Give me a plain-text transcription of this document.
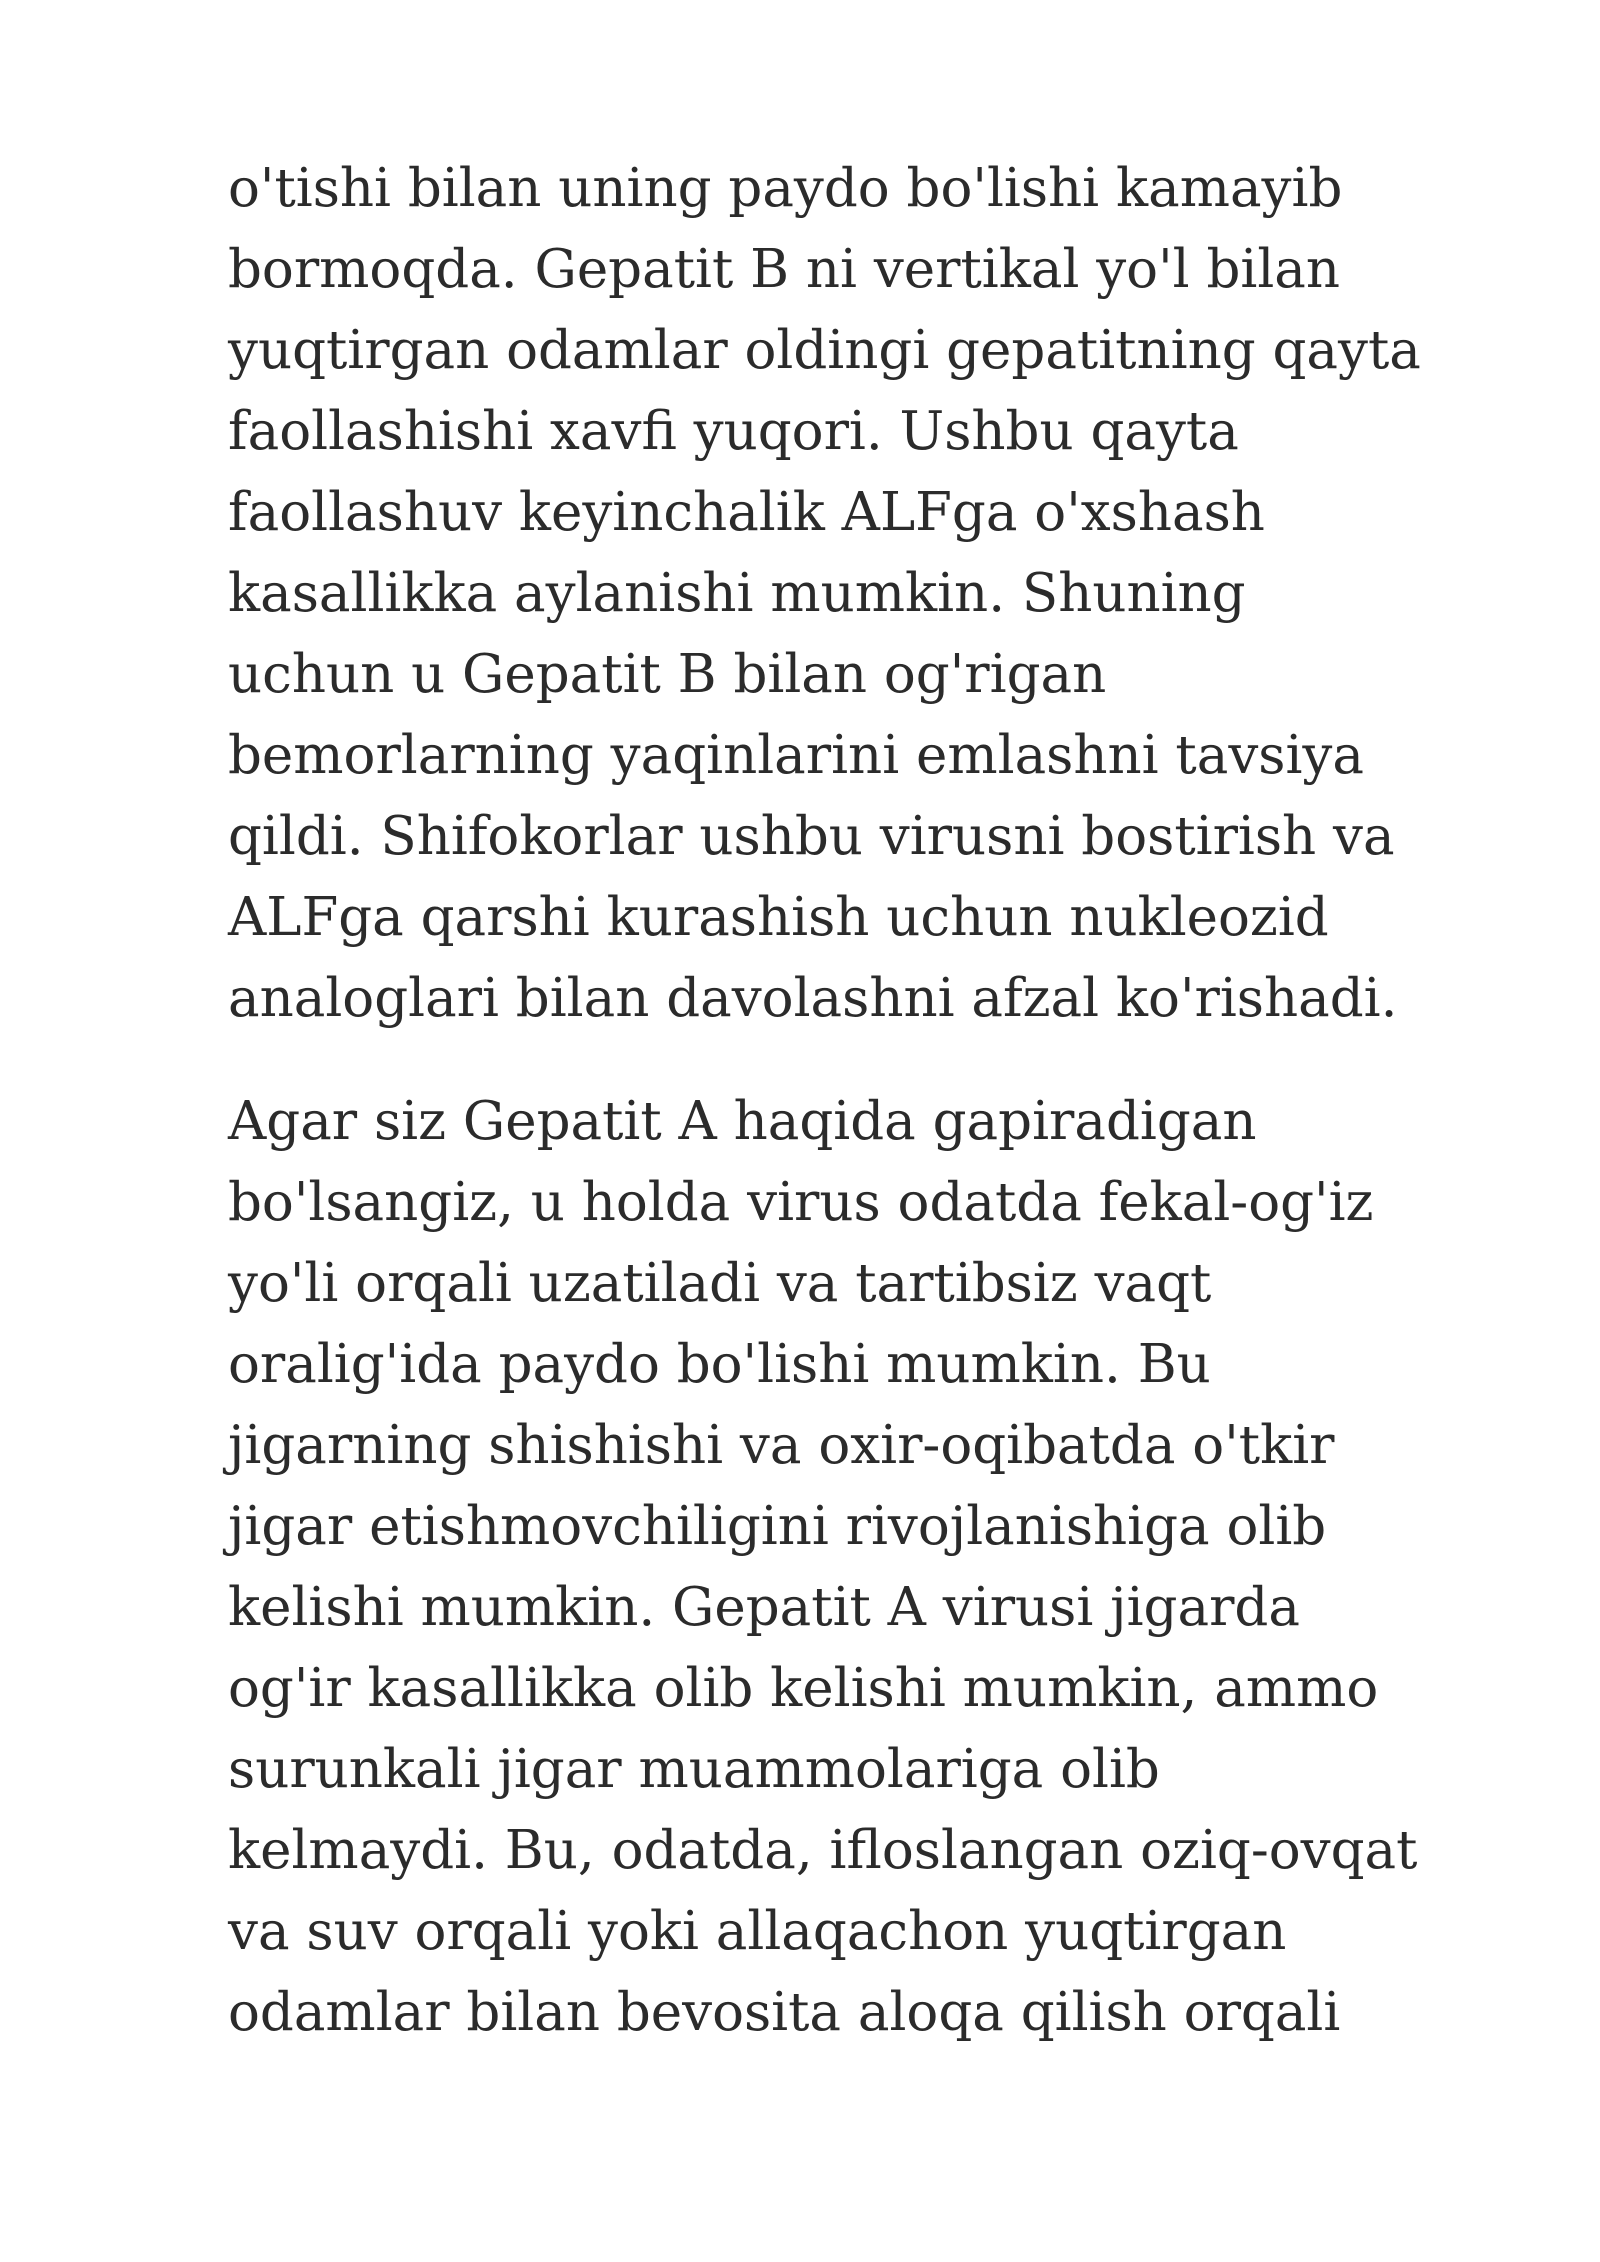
o'tishi bilan uning paydo bo'lishi kamayib
bormoqda. Gepatit B ni vertikal yo'l bilan
yuqtirgan odamlar oldingi gepatitning qayta
faollashishi xavfi yuqori. Ushbu qayta
faollashuv keyinchalik ALFga o'xshash
kasallikka aylanishi mumkin. Shuning
uchun u Gepatit B bilan og'rigan
bemorlarning yaqinlarini emlashni tavsiya
qildi. Shifokorlar ushbu virusni bostirish va
ALFga qarshi kurashish uchun nukleozid
analoglari bilan davolashni afzal ko'rishadi.

Agar siz Gepatit A haqida gapiradigan
bo'lsangiz, u holda virus odatda fekal-og'iz
yo'li orqali uzatiladi va tartibsiz vaqt
oralig'ida paydo bo'lishi mumkin. Bu
jigarning shishishi va oxir-oqibatda o'tkir
jigar etishmovchiligini rivojlanishiga olib
kelishi mumkin. Gepatit A virusi jigarda
og'ir kasallikka olib kelishi mumkin, ammo
surunkali jigar muammolariga olib
kelmaydi. Bu, odatda, ifloslangan oziq-ovqat
va suv orqali yoki allaqachon yuqtirgan
odamlar bilan bevosita aloqa qilish orqali
